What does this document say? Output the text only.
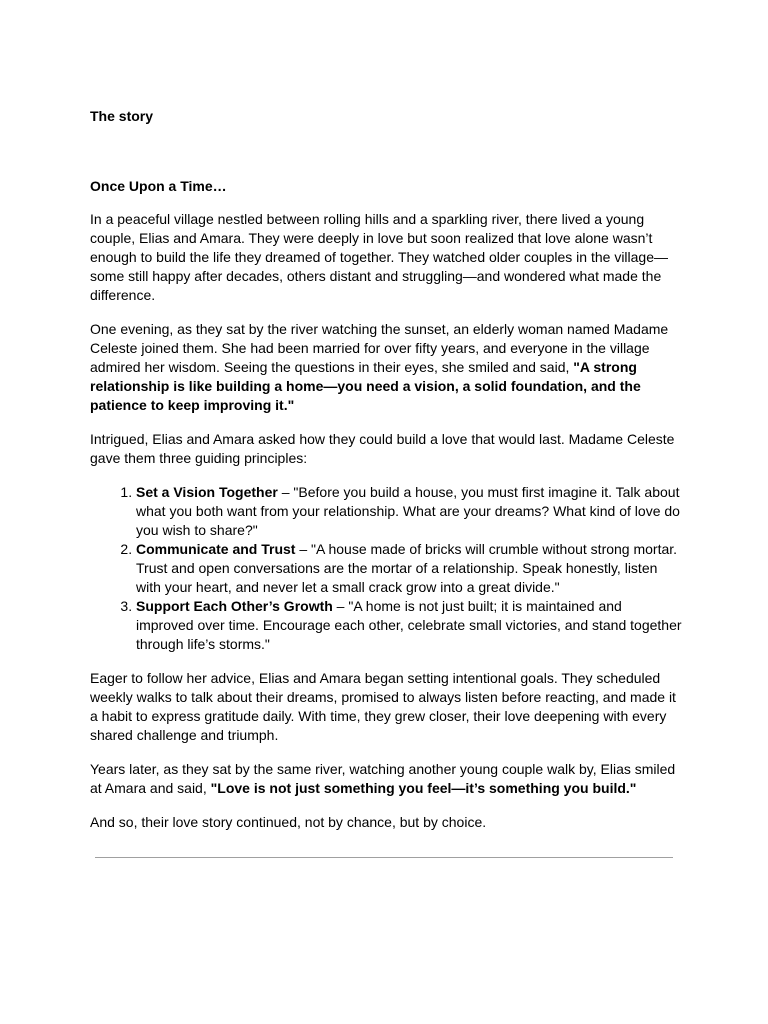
The story
Once Upon a Time…

In a peaceful village nestled between rolling hills and a sparkling river, there lived a young couple, Elias and Amara. They were deeply in love but soon realized that love alone wasn’t enough to build the life they dreamed of together. They watched older couples in the village—some still happy after decades, others distant and struggling—and wondered what made the difference.

One evening, as they sat by the river watching the sunset, an elderly woman named Madame Celeste joined them. She had been married for over fifty years, and everyone in the village admired her wisdom. Seeing the questions in their eyes, she smiled and said, "A strong relationship is like building a home—you need a vision, a solid foundation, and the patience to keep improving it."

Intrigued, Elias and Amara asked how they could build a love that would last. Madame Celeste gave them three guiding principles:

1. Set a Vision Together – "Before you build a house, you must first imagine it. Talk about what you both want from your relationship. What are your dreams? What kind of love do you wish to share?"
2. Communicate and Trust – "A house made of bricks will crumble without strong mortar. Trust and open conversations are the mortar of a relationship. Speak honestly, listen with your heart, and never let a small crack grow into a great divide."
3. Support Each Other’s Growth – "A home is not just built; it is maintained and improved over time. Encourage each other, celebrate small victories, and stand together through life’s storms."

Eager to follow her advice, Elias and Amara began setting intentional goals. They scheduled weekly walks to talk about their dreams, promised to always listen before reacting, and made it a habit to express gratitude daily. With time, they grew closer, their love deepening with every shared challenge and triumph.

Years later, as they sat by the same river, watching another young couple walk by, Elias smiled at Amara and said, "Love is not just something you feel—it’s something you build."

And so, their love story continued, not by chance, but by choice.
